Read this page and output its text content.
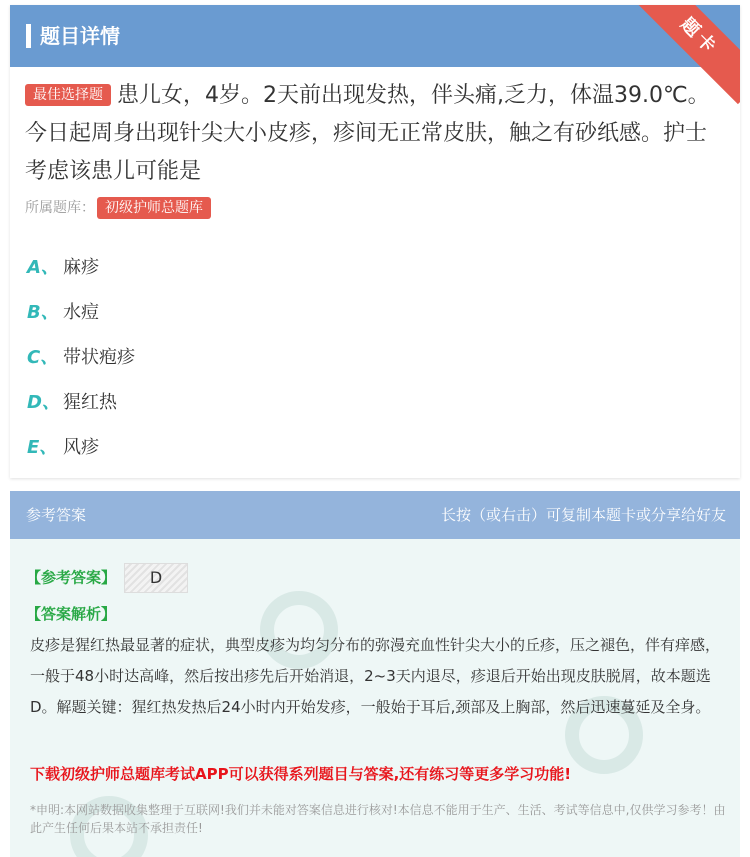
题目详情	题卡
最佳选择题 患儿女，4岁。2天前出现发热，伴头痛,乏力，体温39.0℃。今日起周身出现针尖大小皮疹，疹间无正常皮肤，触之有砂纸感。护士考虑该患儿可能是
所属题库： 初级护师总题库
A、 麻疹
B、 水痘
C、 带状疱疹
D、 猩红热
E、 风疹
参考答案	长按（或右击）可复制本题卡或分享给好友
【参考答案】 D
【答案解析】
皮疹是猩红热最显著的症状，典型皮疹为均匀分布的弥漫充血性针尖大小的丘疹，压之褪色，伴有痒感，一般于48小时达高峰，然后按出疹先后开始消退，2~3天内退尽，疹退后开始出现皮肤脱屑，故本题选D。解题关键：猩红热发热后24小时内开始发疹，一般始于耳后,颈部及上胸部，然后迅速蔓延及全身。
下载初级护师总题库考试APP可以获得系列题目与答案,还有练习等更多学习功能!
*申明:本网站数据收集整理于互联网!我们并未能对答案信息进行核对!本信息不能用于生产、生活、考试等信息中,仅供学习参考！由此产生任何后果本站不承担责任!
